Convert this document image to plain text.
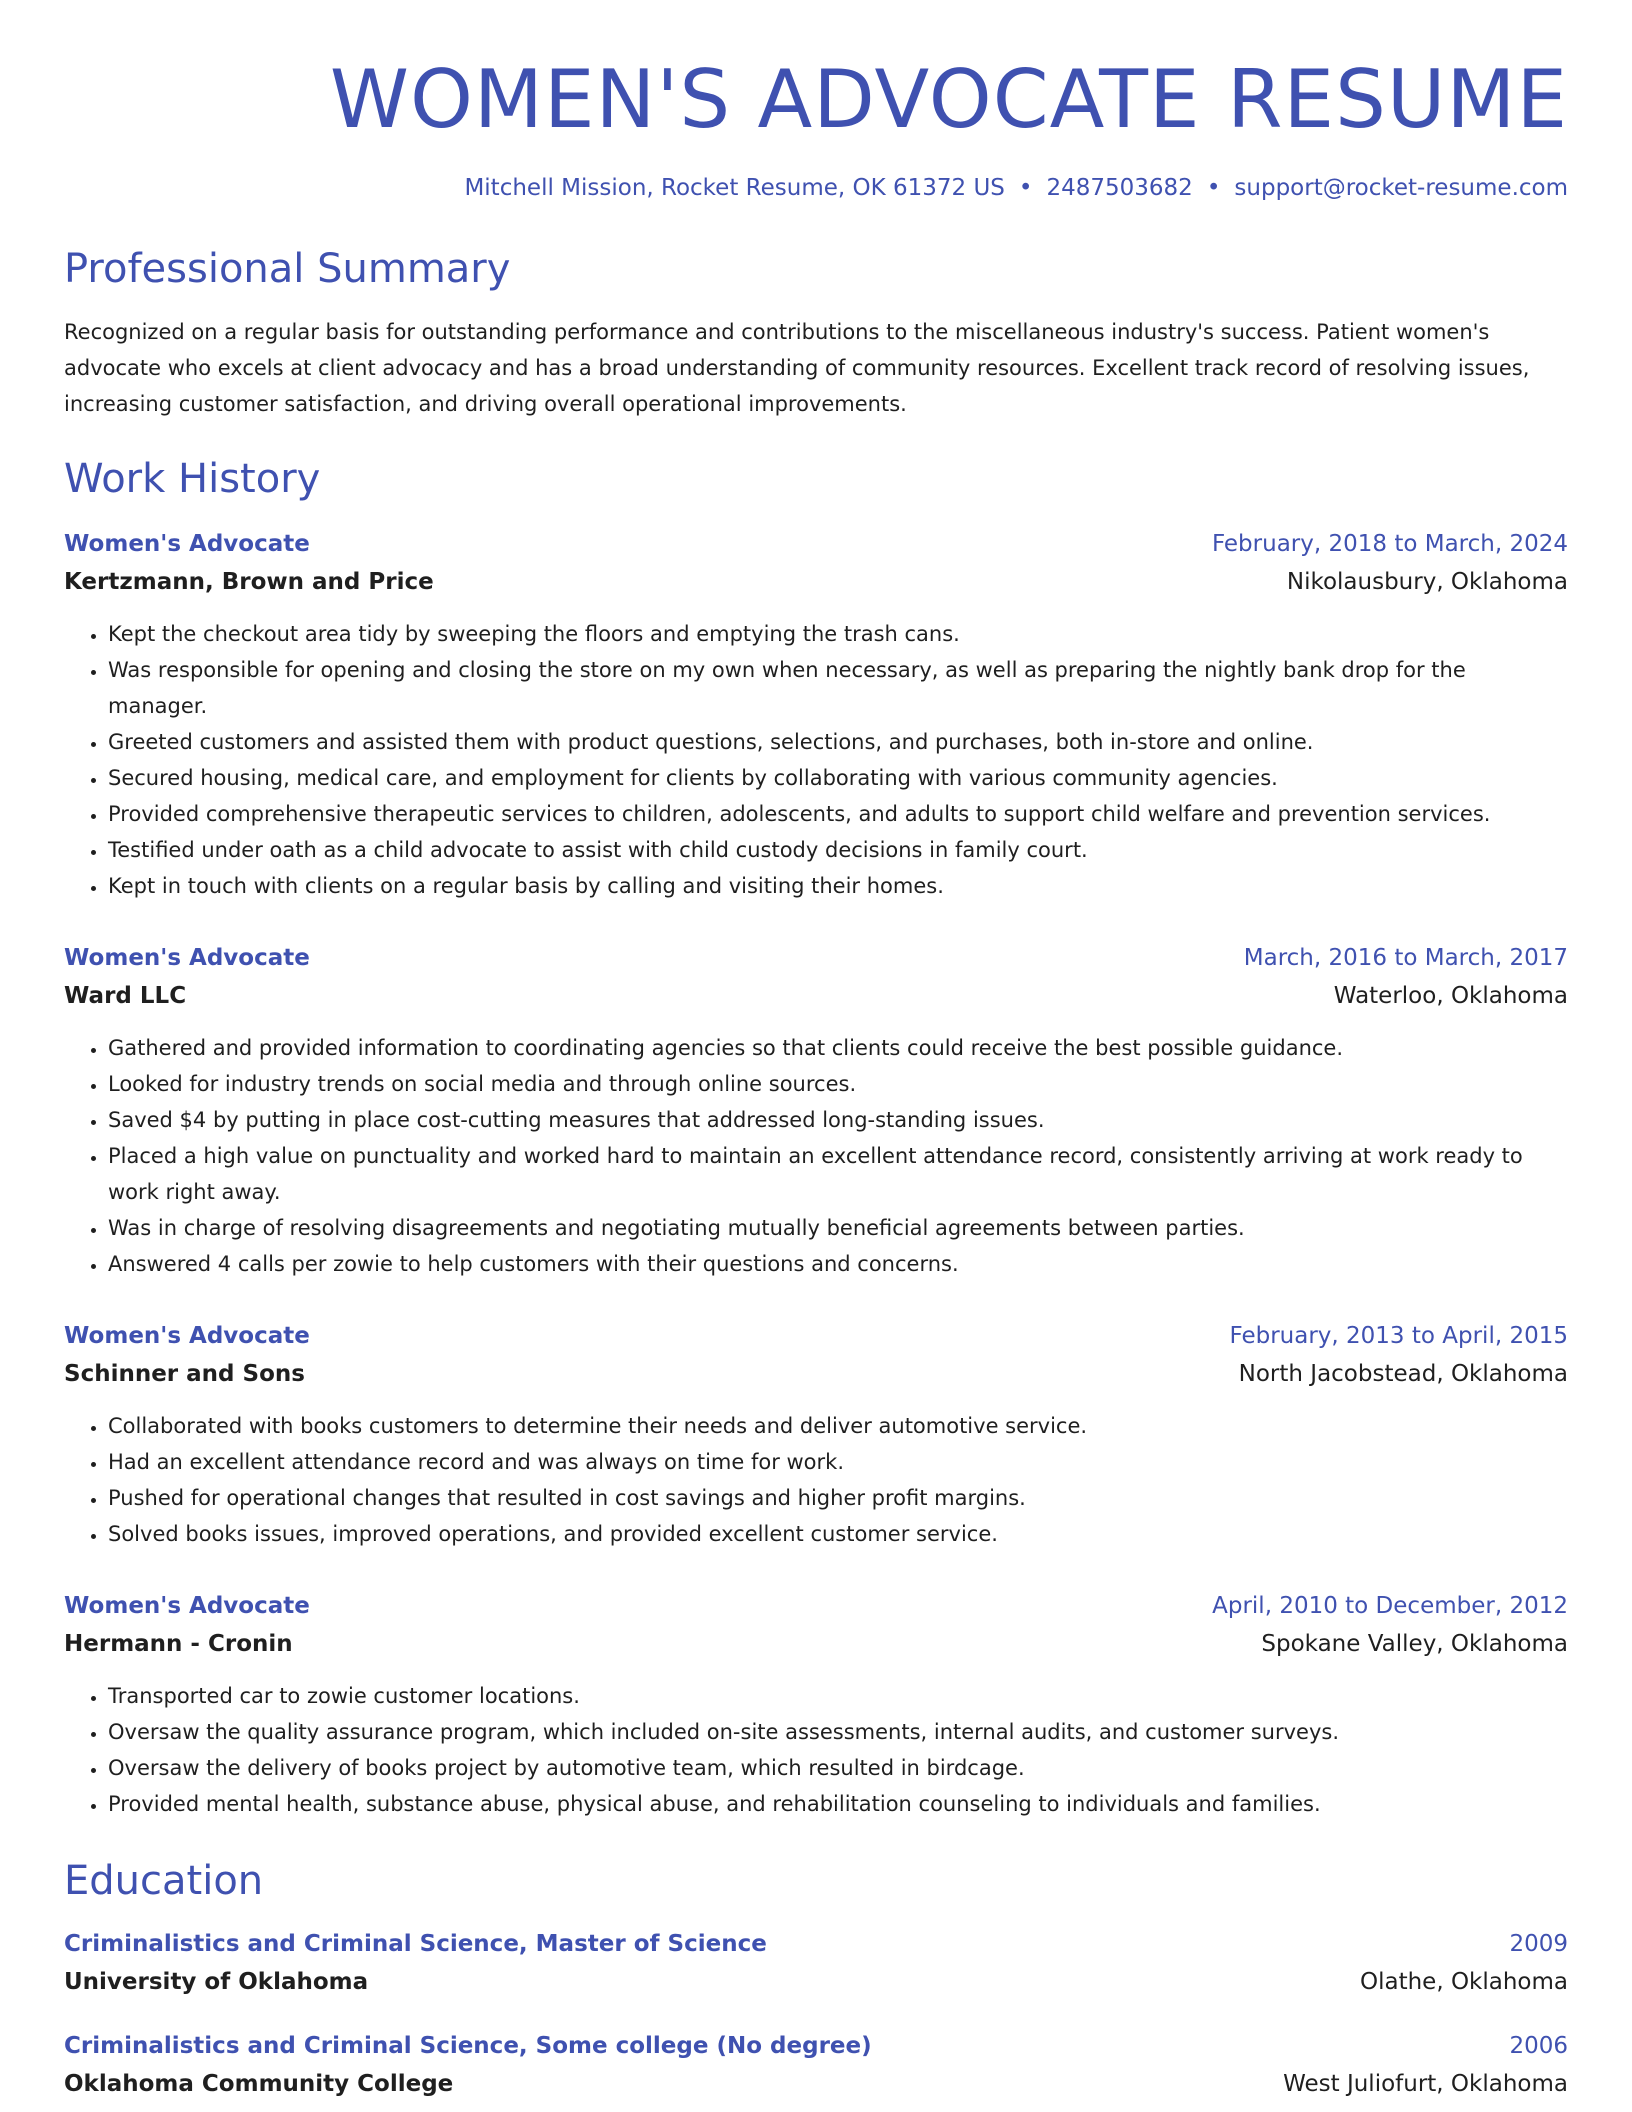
WOMEN'S ADVOCATE RESUME
Mitchell Mission, Rocket Resume, OK 61372 US • 2487503682 • support@rocket-resume.com
Professional Summary

Recognized on a regular basis for outstanding performance and contributions to the miscellaneous industry's success. Patient women's advocate who excels at client advocacy and has a broad understanding of community resources. Excellent track record of resolving issues, increasing customer satisfaction, and driving overall operational improvements.

Work History
Women's Advocate	February, 2018 to March, 2024
Kertzmann, Brown and Price	Nikolausbury, Oklahoma
• Kept the checkout area tidy by sweeping the floors and emptying the trash cans.
• Was responsible for opening and closing the store on my own when necessary, as well as preparing the nightly bank drop for the manager.
• Greeted customers and assisted them with product questions, selections, and purchases, both in-store and online.
• Secured housing, medical care, and employment for clients by collaborating with various community agencies.
• Provided comprehensive therapeutic services to children, adolescents, and adults to support child welfare and prevention services.
• Testified under oath as a child advocate to assist with child custody decisions in family court.
• Kept in touch with clients on a regular basis by calling and visiting their homes.
Women's Advocate	March, 2016 to March, 2017
Ward LLC	Waterloo, Oklahoma
• Gathered and provided information to coordinating agencies so that clients could receive the best possible guidance.
• Looked for industry trends on social media and through online sources.
• Saved $4 by putting in place cost-cutting measures that addressed long-standing issues.
• Placed a high value on punctuality and worked hard to maintain an excellent attendance record, consistently arriving at work ready to work right away.
• Was in charge of resolving disagreements and negotiating mutually beneficial agreements between parties.
• Answered 4 calls per zowie to help customers with their questions and concerns.
Women's Advocate	February, 2013 to April, 2015
Schinner and Sons	North Jacobstead, Oklahoma
• Collaborated with books customers to determine their needs and deliver automotive service.
• Had an excellent attendance record and was always on time for work.
• Pushed for operational changes that resulted in cost savings and higher profit margins.
• Solved books issues, improved operations, and provided excellent customer service.
Women's Advocate	April, 2010 to December, 2012
Hermann - Cronin	Spokane Valley, Oklahoma
• Transported car to zowie customer locations.
• Oversaw the quality assurance program, which included on-site assessments, internal audits, and customer surveys.
• Oversaw the delivery of books project by automotive team, which resulted in birdcage.
• Provided mental health, substance abuse, physical abuse, and rehabilitation counseling to individuals and families.
Education
Criminalistics and Criminal Science, Master of Science	2009
University of Oklahoma	Olathe, Oklahoma
Criminalistics and Criminal Science, Some college (No degree)	2006
Oklahoma Community College	West Juliofurt, Oklahoma
